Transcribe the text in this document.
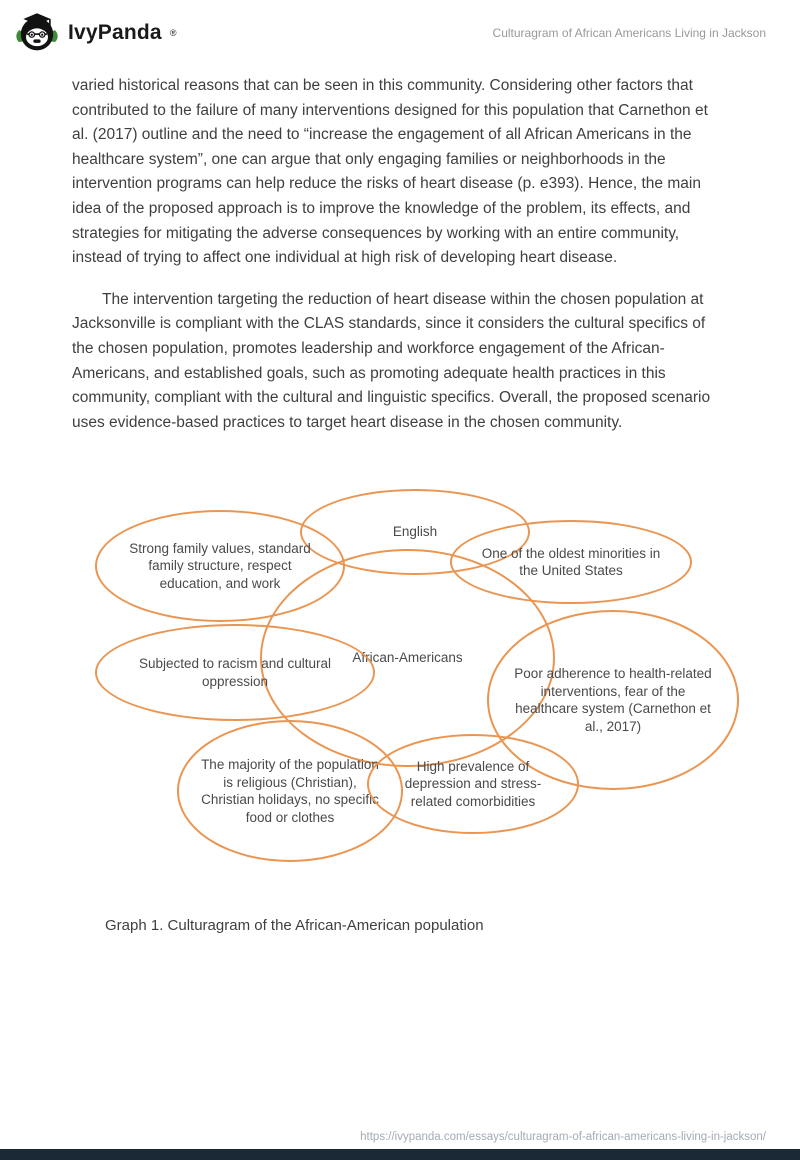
IvyPanda ®	Culturagram of African Americans Living in Jackson

varied historical reasons that can be seen in this community. Considering other factors that contributed to the failure of many interventions designed for this population that Carnethon et al. (2017) outline and the need to “increase the engagement of all African Americans in the healthcare system”, one can argue that only engaging families or neighborhoods in the intervention programs can help reduce the risks of heart disease (p. e393). Hence, the main idea of the proposed approach is to improve the knowledge of the problem, its effects, and strategies for mitigating the adverse consequences by working with an entire community, instead of trying to affect one individual at high risk of developing heart disease.

The intervention targeting the reduction of heart disease within the chosen population at Jacksonville is compliant with the CLAS standards, since it considers the cultural specifics of the chosen population, promotes leadership and workforce engagement of the African-Americans, and established goals, such as promoting adequate health practices in this community, compliant with the cultural and linguistic specifics. Overall, the proposed scenario uses evidence-based practices to target heart disease in the chosen community.

English
Strong family values, standard family structure, respect education, and work
One of the oldest minorities in the United States
African-Americans
Subjected to racism and cultural oppression
Poor adherence to health-related interventions, fear of the healthcare system (Carnethon et al., 2017)
The majority of the population is religious (Christian), Christian holidays, no specific food or clothes
High prevalence of depression and stress-related comorbidities

Graph 1. Culturagram of the African-American population

https://ivypanda.com/essays/culturagram-of-african-americans-living-in-jackson/
